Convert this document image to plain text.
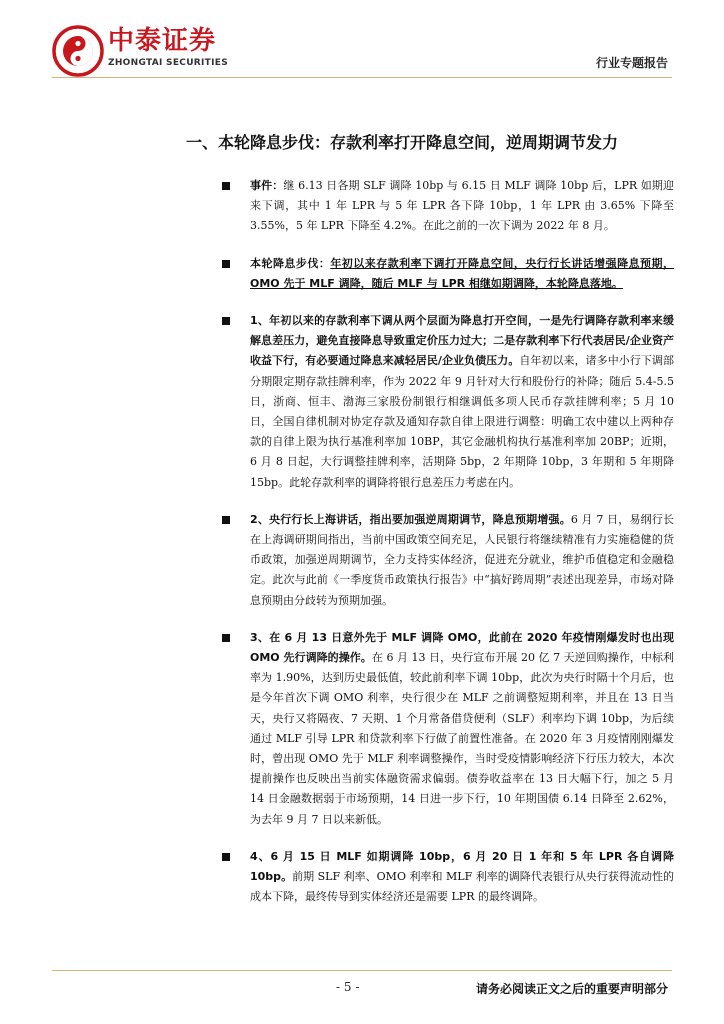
中泰证券
ZHONGTAI SECURITIES	行业专题报告
一、本轮降息步伐：存款利率打开降息空间，逆周期调节发力
事件：继 6.13 日各期 SLF 调降 10bp 与 6.15 日 MLF 调降 10bp 后，LPR 如期迎来下调，其中 1 年 LPR 与 5 年 LPR 各下降 10bp，1 年 LPR 由 3.65% 下降至 3.55%，5 年 LPR 下降至 4.2%。在此之前的一次下调为 2022 年 8 月。
本轮降息步伐：年初以来存款利率下调打开降息空间，央行行长讲话增强降息预期，OMO 先于 MLF 调降，随后 MLF 与 LPR 相继如期调降，本轮降息落地。
1、年初以来的存款利率下调从两个层面为降息打开空间，一是先行调降存款利率来缓解息差压力，避免直接降息导致重定价压力过大；二是存款利率下行代表居民/企业资产收益下行，有必要通过降息来减轻居民/企业负债压力。自年初以来，诸多中小行下调部分期限定期存款挂牌利率，作为 2022 年 9 月针对大行和股份行的补降；随后 5.4-5.5 日，浙商、恒丰、渤海三家股份制银行相继调低多项人民币存款挂牌利率；5 月 10 日，全国自律机制对协定存款及通知存款自律上限进行调整：明确工农中建以上两种存款的自律上限为执行基准利率加 10BP，其它金融机构执行基准利率加 20BP；近期，6 月 8 日起，大行调整挂牌利率，活期降 5bp，2 年期降 10bp，3 年期和 5 年期降 15bp。此轮存款利率的调降将银行息差压力考虑在内。
2、央行行长上海讲话，指出要加强逆周期调节，降息预期增强。6 月 7 日，易纲行长在上海调研期间指出，当前中国政策空间充足，人民银行将继续精准有力实施稳健的货币政策，加强逆周期调节，全力支持实体经济，促进充分就业，维护币值稳定和金融稳定。此次与此前《一季度货币政策执行报告》中“搞好跨周期”表述出现差异，市场对降息预期由分歧转为预期加强。
3、在 6 月 13 日意外先于 MLF 调降 OMO，此前在 2020 年疫情刚爆发时也出现 OMO 先行调降的操作。在 6 月 13 日，央行宣布开展 20 亿 7 天逆回购操作，中标利率为 1.90%，达到历史最低值，较此前利率下调 10bp，此次为央行时隔十个月后，也是今年首次下调 OMO 利率，央行很少在 MLF 之前调整短期利率，并且在 13 日当天，央行又将隔夜、7 天期、1 个月常备借贷便利（SLF）利率均下调 10bp，为后续通过 MLF 引导 LPR 和贷款利率下行做了前置性准备。在 2020 年 3 月疫情刚刚爆发时，曾出现 OMO 先于 MLF 利率调整操作，当时受疫情影响经济下行压力较大，本次提前操作也反映出当前实体融资需求偏弱。债券收益率在 13 日大幅下行，加之 5 月 14 日金融数据弱于市场预期，14 日进一步下行，10 年期国债 6.14 日降至 2.62%，为去年 9 月 7 日以来新低。
4、6 月 15 日 MLF 如期调降 10bp，6 月 20 日 1 年和 5 年 LPR 各自调降 10bp。前期 SLF 利率、OMO 利率和 MLF 利率的调降代表银行从央行获得流动性的成本下降，最终传导到实体经济还是需要 LPR 的最终调降。
- 5 -	请务必阅读正文之后的重要声明部分
